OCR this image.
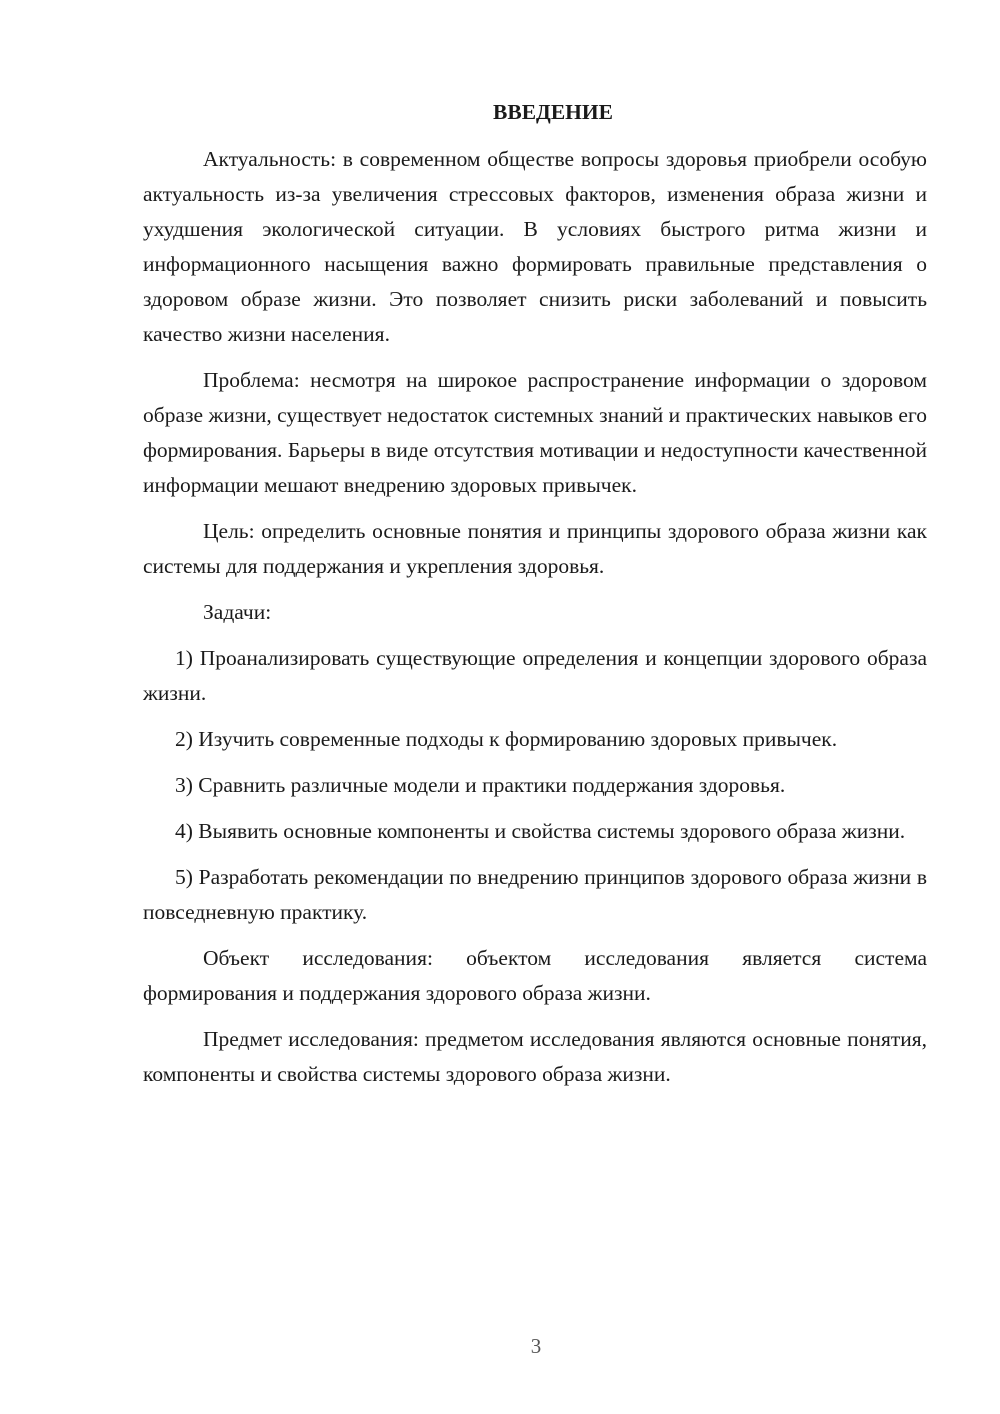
ВВЕДЕНИЕ

Актуальность: в современном обществе вопросы здоровья приобрели особую актуальность из-за увеличения стрессовых факторов, изменения образа жизни и ухудшения экологической ситуации. В условиях быстрого ритма жизни и информационного насыщения важно формировать правильные представления о здоровом образе жизни. Это позволяет снизить риски заболеваний и повысить качество жизни населения.

Проблема: несмотря на широкое распространение информации о здоровом образе жизни, существует недостаток системных знаний и практических навыков его формирования. Барьеры в виде отсутствия мотивации и недоступности качественной информации мешают внедрению здоровых привычек.

Цель: определить основные понятия и принципы здорового образа жизни как системы для поддержания и укрепления здоровья.

Задачи:

1) Проанализировать существующие определения и концепции здорового образа жизни.

2) Изучить современные подходы к формированию здоровых привычек.

3) Сравнить различные модели и практики поддержания здоровья.

4) Выявить основные компоненты и свойства системы здорового образа жизни.

5) Разработать рекомендации по внедрению принципов здорового образа жизни в повседневную практику.

Объект исследования: объектом исследования является система формирования и поддержания здорового образа жизни.

Предмет исследования: предметом исследования являются основные понятия, компоненты и свойства системы здорового образа жизни.

3
